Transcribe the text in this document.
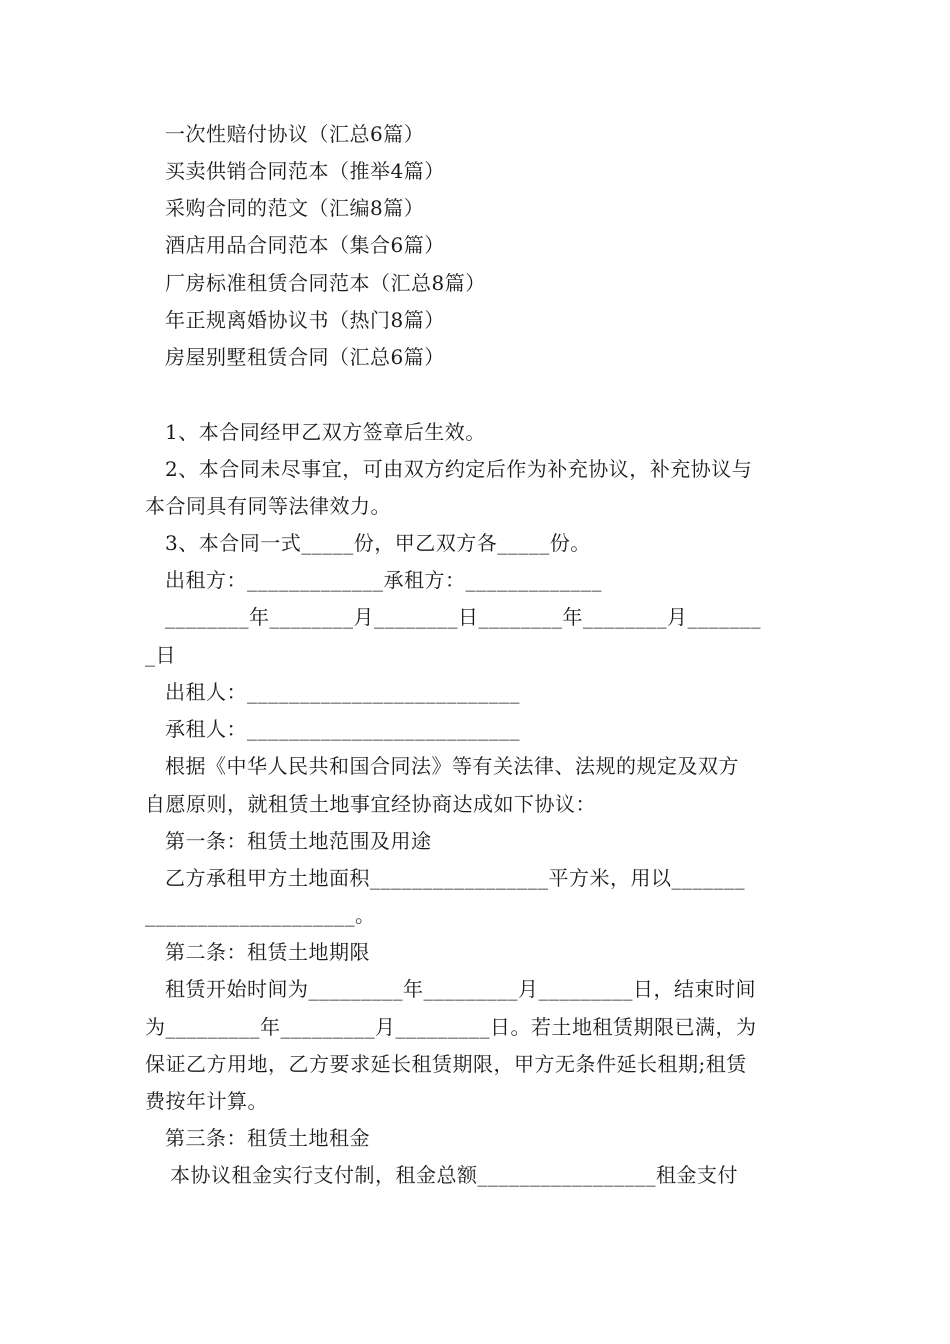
一次性赔付协议（汇总6篇）
买卖供销合同范本（推举4篇）
采购合同的范文（汇编8篇）
酒店用品合同范本（集合6篇）
厂房标准租赁合同范本（汇总8篇）
年正规离婚协议书（热门8篇）
房屋别墅租赁合同（汇总6篇）
1、本合同经甲乙双方签章后生效。
2、本合同未尽事宜，可由双方约定后作为补充协议，补充协议与
本合同具有同等法律效力。
3、本合同一式_____份，甲乙双方各_____份。
出租方：_____________承租方：_____________
________年________月________日________年________月_______
_日
出租人：__________________________
承租人：__________________________
根据《中华人民共和国合同法》等有关法律、法规的规定及双方
自愿原则，就租赁土地事宜经协商达成如下协议：
第一条：租赁土地范围及用途
乙方承租甲方土地面积_________________平方米，用以_______
____________________。
第二条：租赁土地期限
租赁开始时间为_________年_________月_________日，结束时间
为_________年_________月_________日。若土地租赁期限已满，为
保证乙方用地，乙方要求延长租赁期限，甲方无条件延长租期;租赁
费按年计算。
第三条：租赁土地租金
本协议租金实行支付制，租金总额_________________租金支付
